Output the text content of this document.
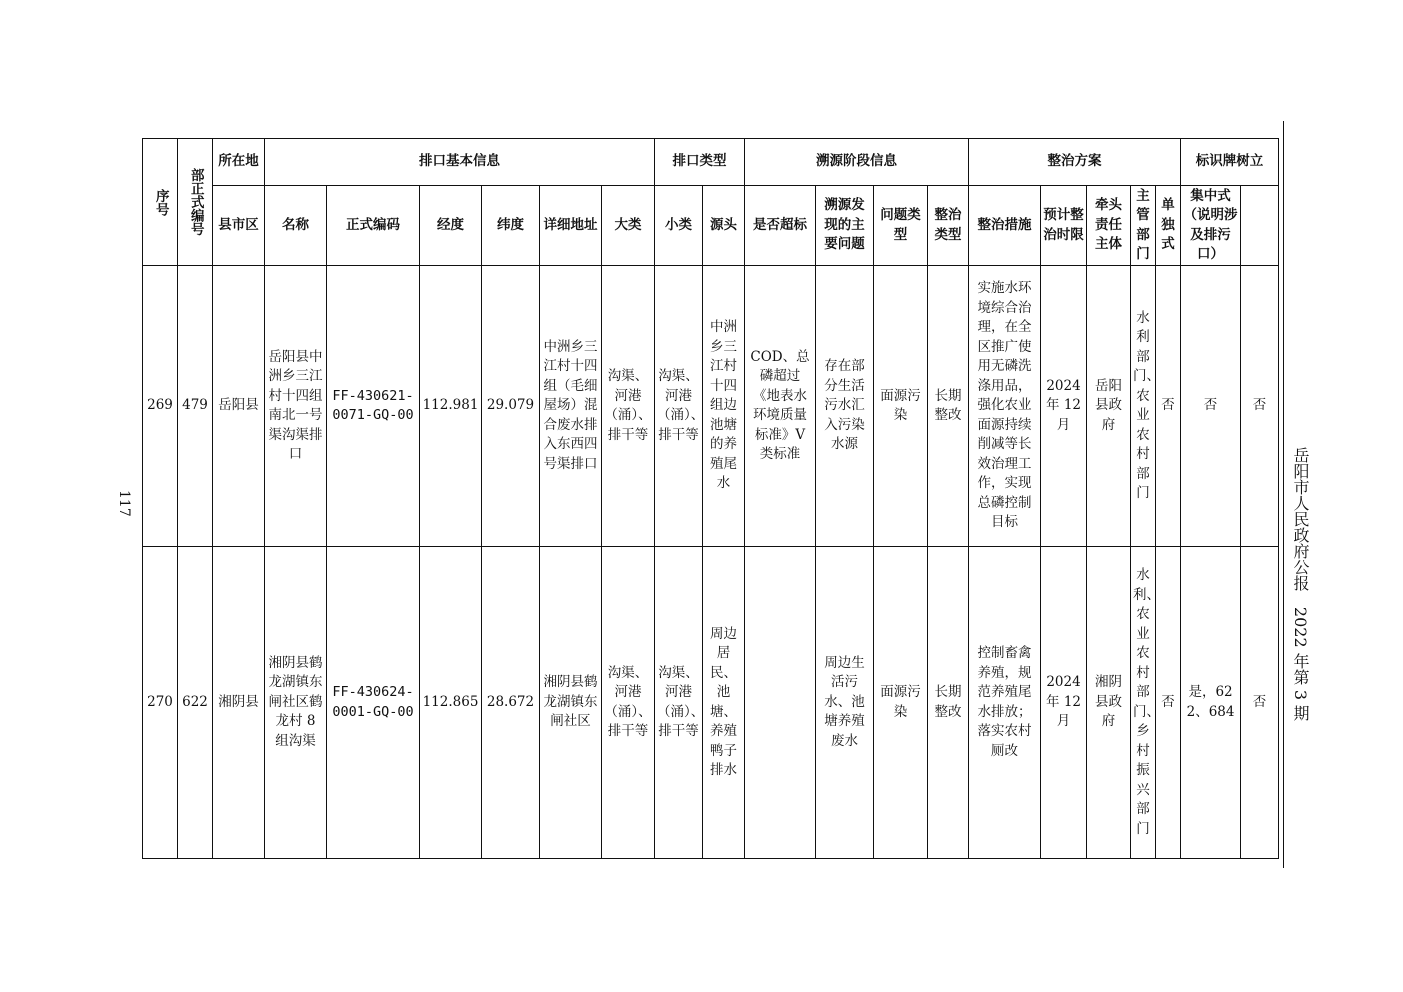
117	岳阳市人民政府公报　2022 年第 3 期
序号	部正式编号	所在地	排口基本信息						排口类型		溯源阶段信息				整治方案					标识牌树立	
		县市区	名称	正式编码	经度	纬度	详细地址	大类	小类	源头	是否超标	溯源发现的主要问题	问题类型	整治类型	整治措施	预计整治时限	牵头责任主体	主管部门	单独式	集中式（说明涉及排污口）		
269	479	岳阳县	岳阳县中洲乡三江村十四组南北一号渠沟渠排口	FF-430621-0071-GQ-00	112.981	29.079	中洲乡三江村十四组（毛细屋场）混合废水排入东西四号渠排口	沟渠、河港（涌）、排干等	沟渠、河港（涌）、排干等	中洲乡三江村十四组边池塘的养殖尾水	COD、总磷超过《地表水环境质量标准》V 类标准	存在部分生活污水汇入污染水源	面源污染	长期整改	实施水环境综合治理，在全区推广使用无磷洗涤用品，强化农业面源持续削减等长效治理工作，实现总磷控制目标	2024 年 12 月	岳阳县政府	水利部门、农业农村部门	否	否	否	
270	622	湘阴县	湘阴县鹤龙湖镇东闸社区鹤龙村 8 组沟渠	FF-430624-0001-GQ-00	112.865	28.672	湘阴县鹤龙湖镇东闸社区	沟渠、河港（涌）、排干等	沟渠、河港（涌）、排干等	周边居民、池塘、养殖鸭子排水		周边生活污水、池塘养殖废水	面源污染	长期整改	控制畜禽养殖，规范养殖尾水排放；落实农村厕改	2024 年 12 月	湘阴县政府	水利、农业农村部门、乡村振兴部门	否	是，622、684	否	
